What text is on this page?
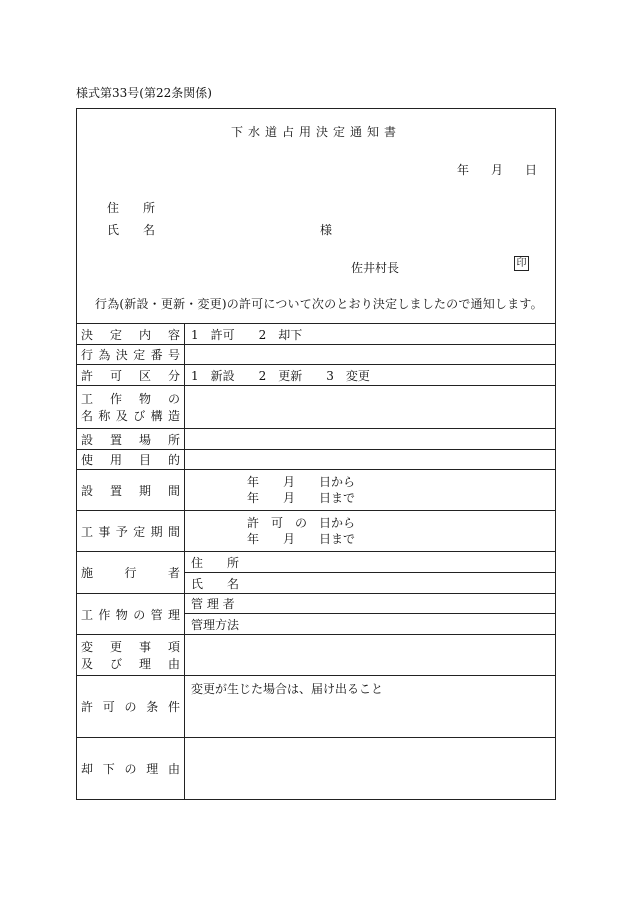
様式第33号(第22条関係)
下水道占用決定通知書
年 月 日
住　　所
氏　　名	様
佐井村長	印
行為(新設・更新・変更)の許可について次のとおり決定しましたので通知します。
決定内容	1　許可　　2　却下
行為決定番号	
許可区分	1　新設　　2　更新　　3　変更

工作物の
名称及び構造	

設置場所	
使用目的	
設置期間	年　　月　　日から
年　　月　　日まで

工事予定期間	許　可　の　日から
年　　月　　日まで

施行者	住　　所
	氏　　名
工作物の管理	管 理 者
	管理方法

変更事項
及び理由	

許可の条件	変更が生じた場合は、届け出ること
却下の理由	
